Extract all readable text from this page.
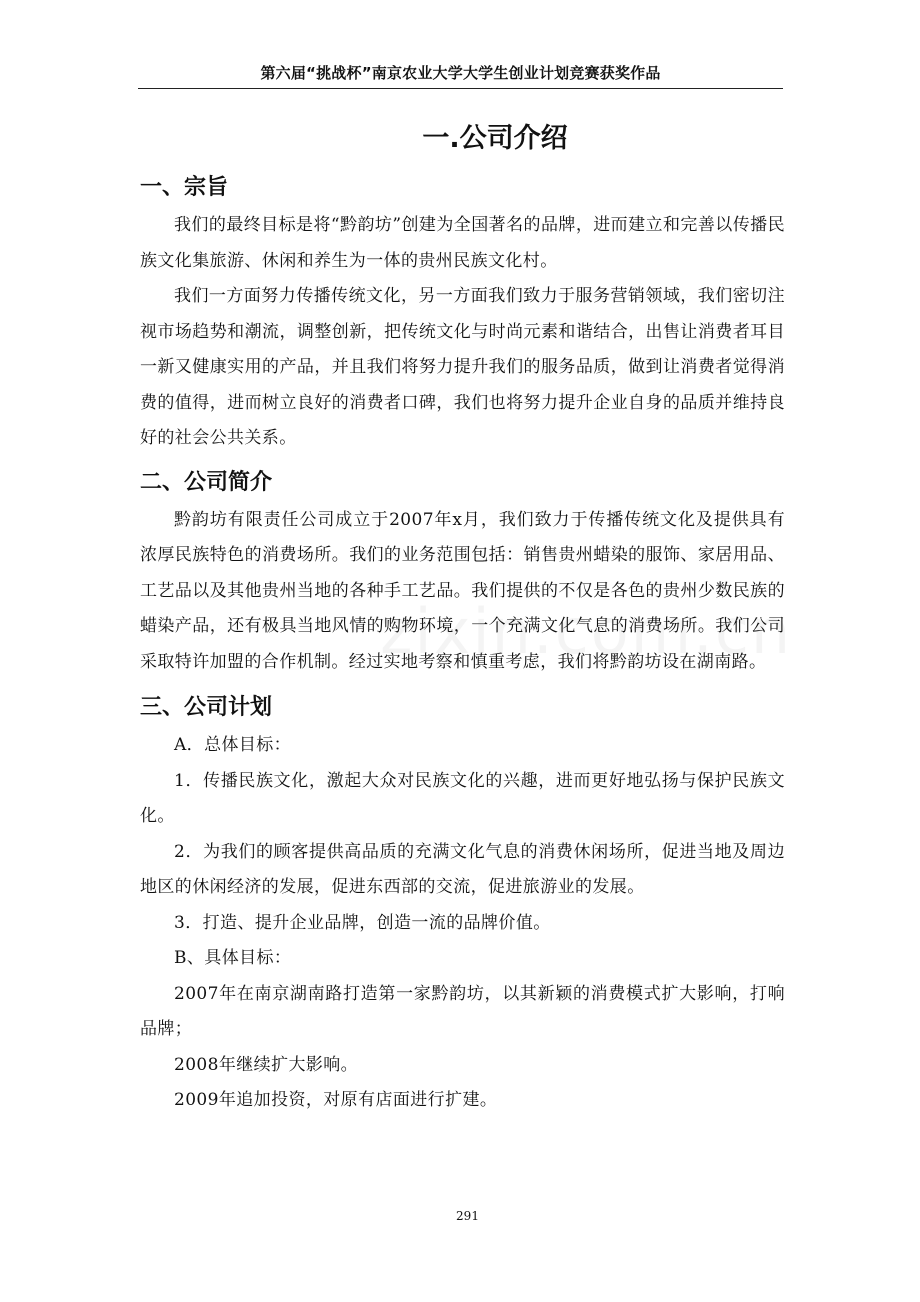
第六届“挑战杯”南京农业大学大学生创业计划竞赛获奖作品
一.公司介绍
一、宗旨

我们的最终目标是将“黔韵坊”创建为全国著名的品牌，进而建立和完善以传播民族文化集旅游、休闲和养生为一体的贵州民族文化村。

我们一方面努力传播传统文化，另一方面我们致力于服务营销领域，我们密切注视市场趋势和潮流，调整创新，把传统文化与时尚元素和谐结合，出售让消费者耳目一新又健康实用的产品，并且我们将努力提升我们的服务品质，做到让消费者觉得消费的值得，进而树立良好的消费者口碑，我们也将努力提升企业自身的品质并维持良好的社会公共关系。

二、公司简介

黔韵坊有限责任公司成立于2007年x月，我们致力于传播传统文化及提供具有浓厚民族特色的消费场所。我们的业务范围包括：销售贵州蜡染的服饰、家居用品、工艺品以及其他贵州当地的各种手工艺品。我们提供的不仅是各色的贵州少数民族的蜡染产品，还有极具当地风情的购物环境，一个充满文化气息的消费场所。我们公司采取特许加盟的合作机制。经过实地考察和慎重考虑，我们将黔韵坊设在湖南路。

三、公司计划

A．总体目标：

1．传播民族文化，激起大众对民族文化的兴趣，进而更好地弘扬与保护民族文化。

2．为我们的顾客提供高品质的充满文化气息的消费休闲场所，促进当地及周边地区的休闲经济的发展，促进东西部的交流，促进旅游业的发展。

3．打造、提升企业品牌，创造一流的品牌价值。

B、具体目标：

2007年在南京湖南路打造第一家黔韵坊，以其新颖的消费模式扩大影响，打响品牌；

2008年继续扩大影响。

2009年追加投资，对原有店面进行扩建。

291
